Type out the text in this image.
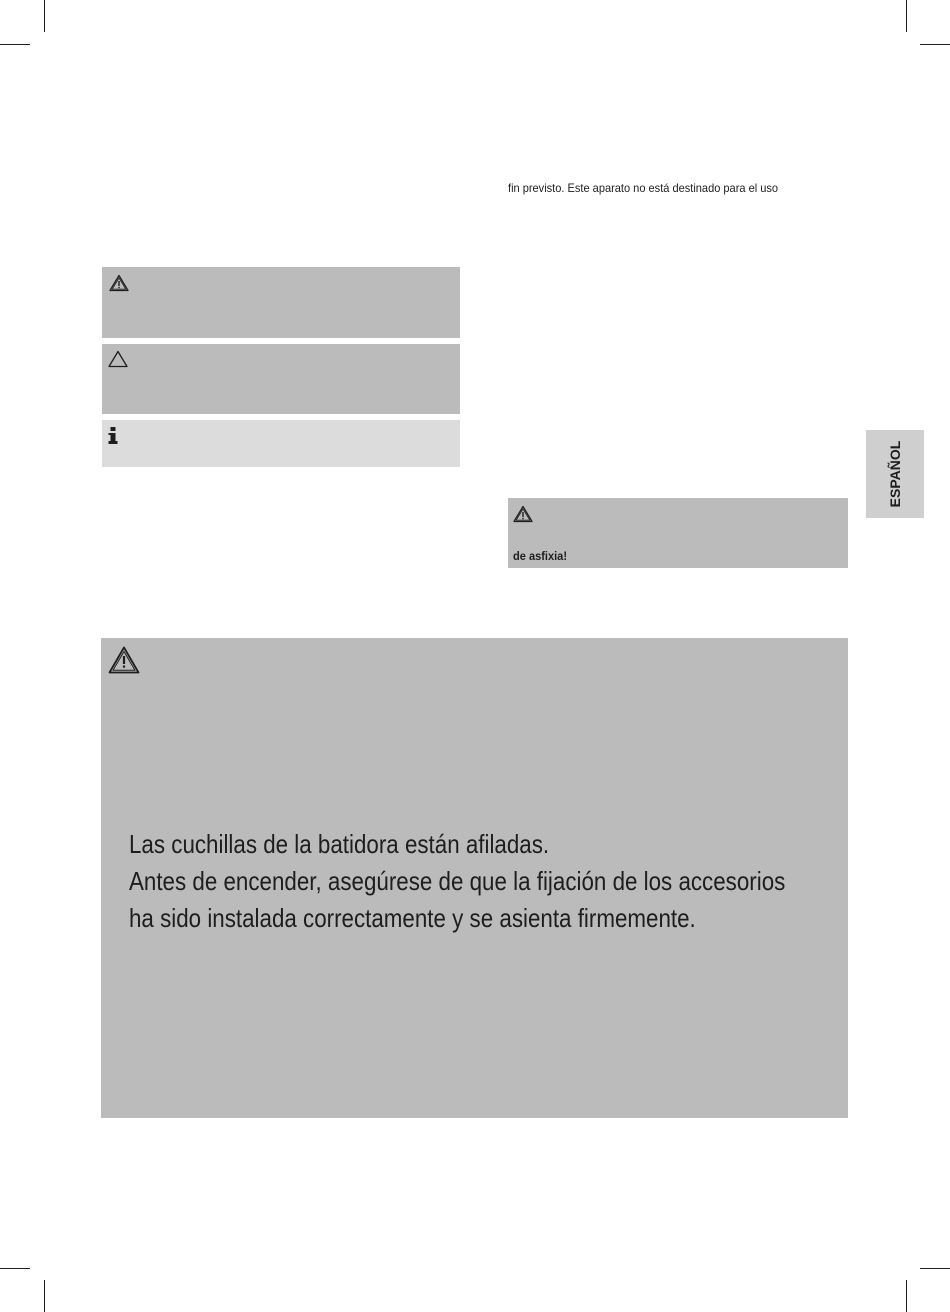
fin previsto. Este aparato no está destinado para el uso
de asfixia!
Las cuchillas de la batidora están afiladas.
Antes de encender, asegúrese de que la fijación de los accesorios
ha sido instalada correctamente y se asienta firmemente.
ESPAÑOL
